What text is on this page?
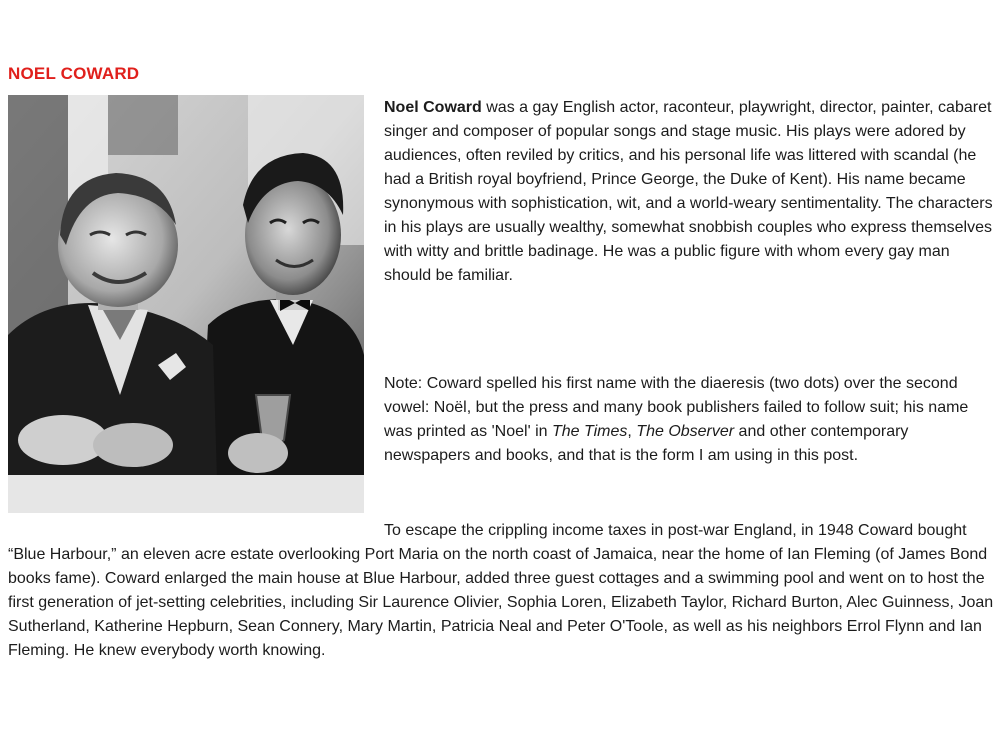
NOEL COWARD
Noel Coward was a gay English actor, raconteur, playwright, director, painter, cabaret singer and composer of popular songs and stage music. His plays were adored by audiences, often reviled by critics, and his personal life was littered with scandal (he had a British royal boyfriend, Prince George, the Duke of Kent). His name became synonymous with sophistication, wit, and a world-weary sentimentality. The characters in his plays are usually wealthy, somewhat snobbish couples who express themselves with witty and brittle badinage. He was a public figure with whom every gay man should be familiar.
Note: Coward spelled his first name with the diaeresis (two dots) over the second vowel: Noël, but the press and many book publishers failed to follow suit; his name was printed as 'Noel' in The Times, The Observer and other contemporary newspapers and books, and that is the form I am using in this post.
To escape the crippling income taxes in post-war England, in 1948 Coward bought “Blue Harbour,” an eleven acre estate overlooking Port Maria on the north coast of Jamaica, near the home of Ian Fleming (of James Bond books fame). Coward enlarged the main house at Blue Harbour, added three guest cottages and a swimming pool and went on to host the first generation of jet-setting celebrities, including Sir Laurence Olivier, Sophia Loren, Elizabeth Taylor, Richard Burton, Alec Guinness, Joan Sutherland, Katherine Hepburn, Sean Connery, Mary Martin, Patricia Neal and Peter O'Toole, as well as his neighbors Errol Flynn and Ian Fleming. He knew everybody worth knowing.
